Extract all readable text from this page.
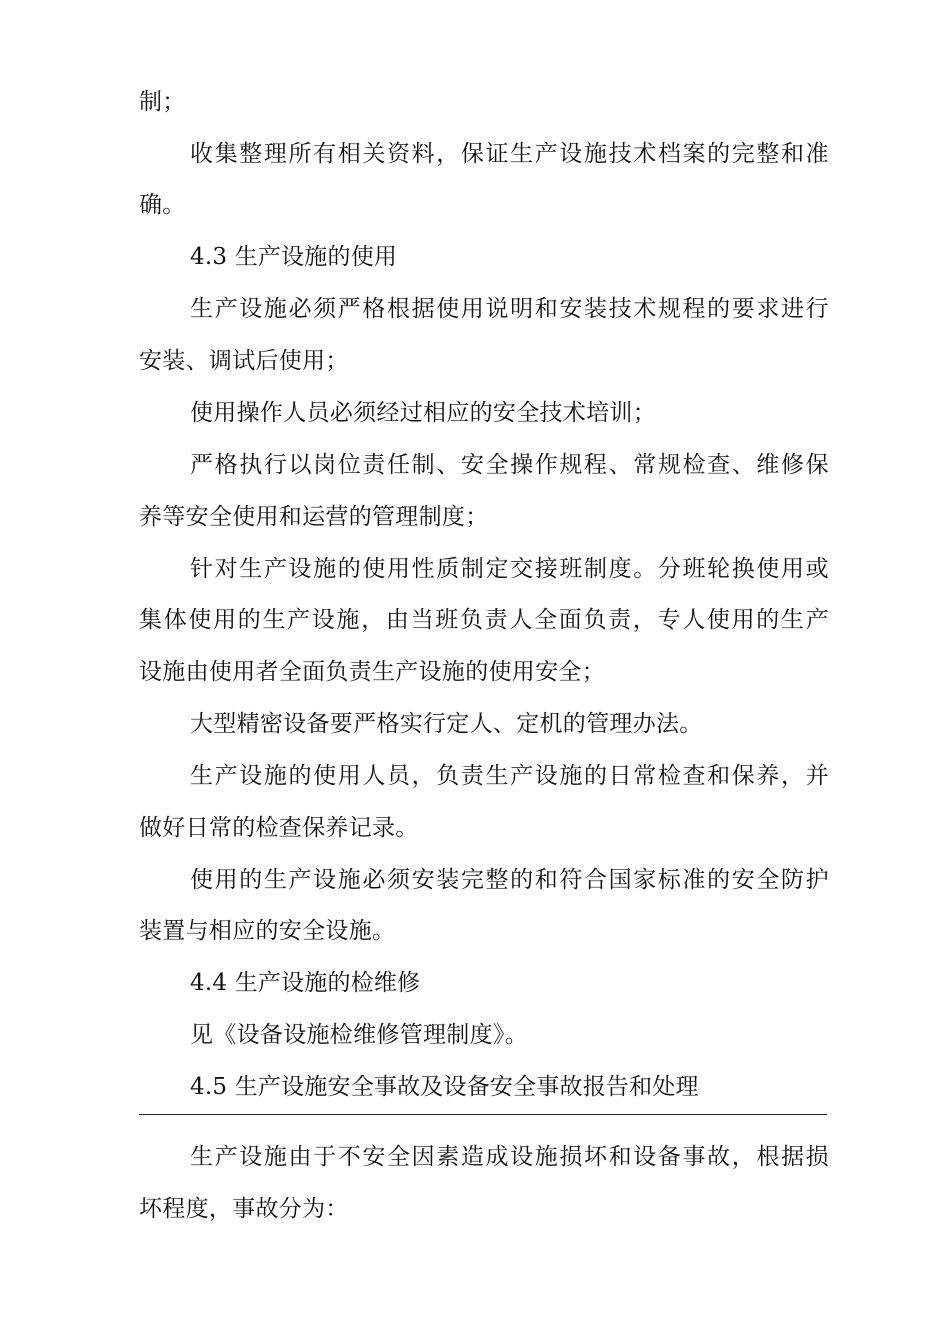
制；
收集整理所有相关资料，保证生产设施技术档案的完整和准
确。
4.3 生产设施的使用
生产设施必须严格根据使用说明和安装技术规程的要求进行
安装、调试后使用；
使用操作人员必须经过相应的安全技术培训；
严格执行以岗位责任制、安全操作规程、常规检查、维修保
养等安全使用和运营的管理制度；
针对生产设施的使用性质制定交接班制度。分班轮换使用或
集体使用的生产设施，由当班负责人全面负责，专人使用的生产
设施由使用者全面负责生产设施的使用安全；
大型精密设备要严格实行定人、定机的管理办法。
生产设施的使用人员，负责生产设施的日常检查和保养，并
做好日常的检查保养记录。
使用的生产设施必须安装完整的和符合国家标准的安全防护
装置与相应的安全设施。
4.4 生产设施的检维修
见《设备设施检维修管理制度》。
4.5 生产设施安全事故及设备安全事故报告和处理
生产设施由于不安全因素造成设施损坏和设备事故，根据损
坏程度，事故分为：
